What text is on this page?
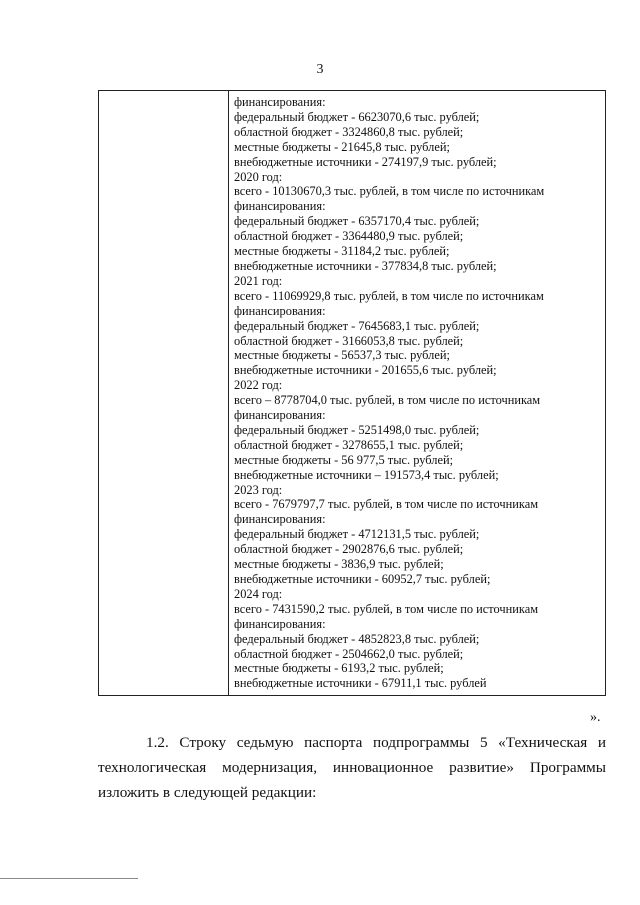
3
финансирования:
федеральный бюджет - 6623070,6 тыс. рублей;
областной бюджет - 3324860,8 тыс. рублей;
местные бюджеты - 21645,8 тыс. рублей;
внебюджетные источники - 274197,9 тыс. рублей;
2020 год:
всего - 10130670,3 тыс. рублей, в том числе по источникам
финансирования:
федеральный бюджет - 6357170,4 тыс. рублей;
областной бюджет - 3364480,9 тыс. рублей;
местные бюджеты - 31184,2 тыс. рублей;
внебюджетные источники - 377834,8 тыс. рублей;
2021 год:
всего - 11069929,8 тыс. рублей, в том числе по источникам
финансирования:
федеральный бюджет - 7645683,1 тыс. рублей;
областной бюджет - 3166053,8 тыс. рублей;
местные бюджеты - 56537,3 тыс. рублей;
внебюджетные источники - 201655,6 тыс. рублей;
2022 год:
всего – 8778704,0 тыс. рублей, в том числе по источникам
финансирования:
федеральный бюджет - 5251498,0 тыс. рублей;
областной бюджет - 3278655,1 тыс. рублей;
местные бюджеты - 56 977,5 тыс. рублей;
внебюджетные источники – 191573,4 тыс. рублей;
2023 год:
всего - 7679797,7 тыс. рублей, в том числе по источникам
финансирования:
федеральный бюджет - 4712131,5 тыс. рублей;
областной бюджет - 2902876,6 тыс. рублей;
местные бюджеты - 3836,9 тыс. рублей;
внебюджетные источники - 60952,7 тыс. рублей;
2024 год:
всего - 7431590,2 тыс. рублей, в том числе по источникам
финансирования:
федеральный бюджет - 4852823,8 тыс. рублей;
областной бюджет - 2504662,0 тыс. рублей;
местные бюджеты - 6193,2 тыс. рублей;
внебюджетные источники - 67911,1 тыс. рублей
».

1.2. Строку седьмую паспорта подпрограммы 5 «Техническая и технологическая модернизация, инновационное развитие» Программы изложить в следующей редакции:
